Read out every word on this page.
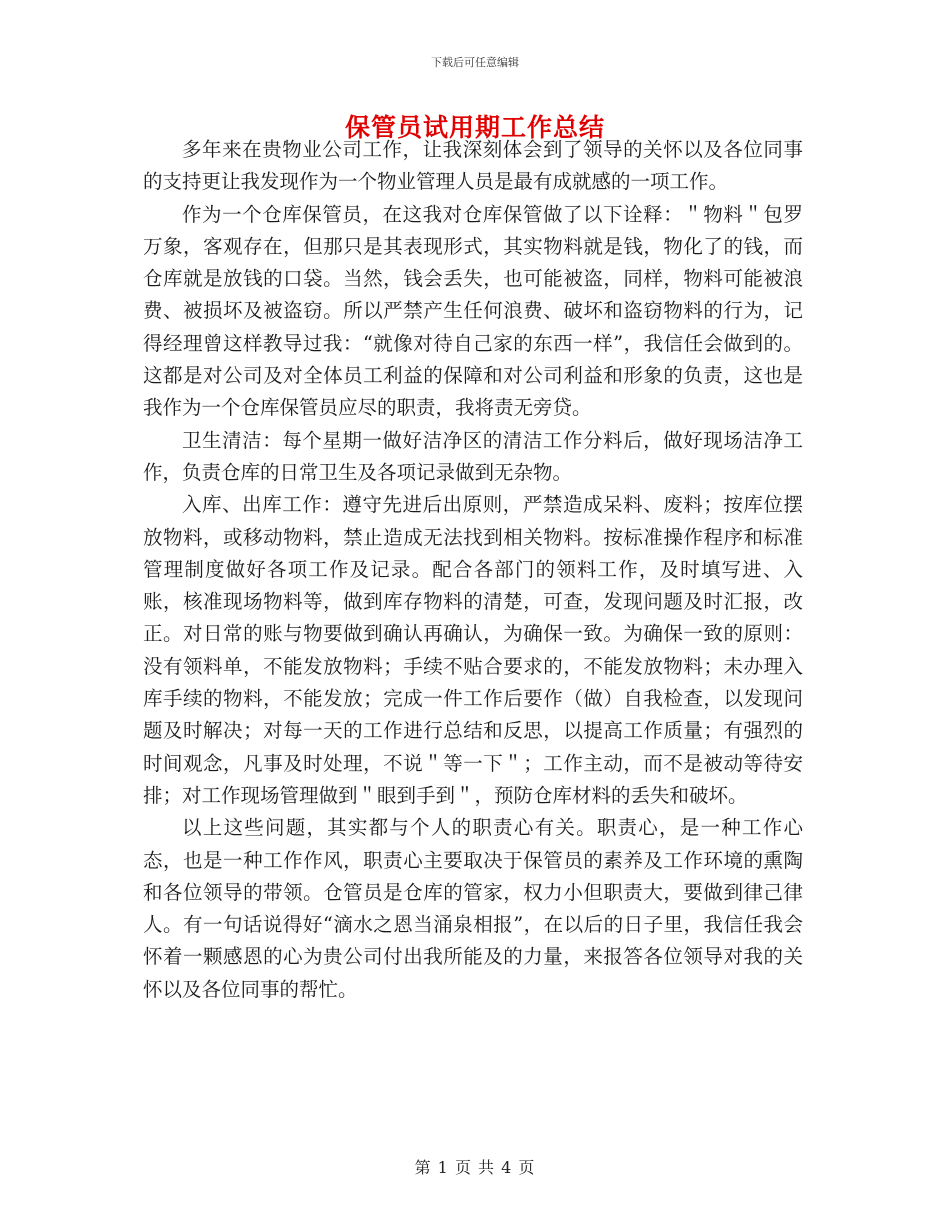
下载后可任意编辑
保管员试用期工作总结

多年来在贵物业公司工作，让我深刻体会到了领导的关怀以及各位同事的支持更让我发现作为一个物业管理人员是最有成就感的一项工作。

作为一个仓库保管员，在这我对仓库保管做了以下诠释：＂物料＂包罗万象，客观存在，但那只是其表现形式，其实物料就是钱，物化了的钱，而仓库就是放钱的口袋。当然，钱会丢失，也可能被盗，同样，物料可能被浪费、被损坏及被盗窃。所以严禁产生任何浪费、破坏和盗窃物料的行为，记得经理曾这样教导过我：“就像对待自己家的东西一样”，我信任会做到的。这都是对公司及对全体员工利益的保障和对公司利益和形象的负责，这也是我作为一个仓库保管员应尽的职责，我将责无旁贷。

卫生清洁：每个星期一做好洁净区的清洁工作分料后，做好现场洁净工作，负责仓库的日常卫生及各项记录做到无杂物。

入库、出库工作：遵守先进后出原则，严禁造成呆料、废料；按库位摆放物料，或移动物料，禁止造成无法找到相关物料。按标准操作程序和标准管理制度做好各项工作及记录。配合各部门的领料工作，及时填写进、入账，核准现场物料等，做到库存物料的清楚，可查，发现问题及时汇报，改正。对日常的账与物要做到确认再确认，为确保一致。为确保一致的原则：没有领料单，不能发放物料；手续不贴合要求的，不能发放物料；未办理入库手续的物料，不能发放；完成一件工作后要作（做）自我检查，以发现问题及时解决；对每一天的工作进行总结和反思，以提高工作质量；有强烈的时间观念，凡事及时处理，不说＂等一下＂；工作主动，而不是被动等待安排；对工作现场管理做到＂眼到手到＂，预防仓库材料的丢失和破坏。

以上这些问题，其实都与个人的职责心有关。职责心，是一种工作心态，也是一种工作作风，职责心主要取决于保管员的素养及工作环境的熏陶和各位领导的带领。仓管员是仓库的管家，权力小但职责大，要做到律己律人。有一句话说得好“滴水之恩当涌泉相报”，在以后的日子里，我信任我会怀着一颗感恩的心为贵公司付出我所能及的力量，来报答各位领导对我的关怀以及各位同事的帮忙。

第 1 页 共 4 页
